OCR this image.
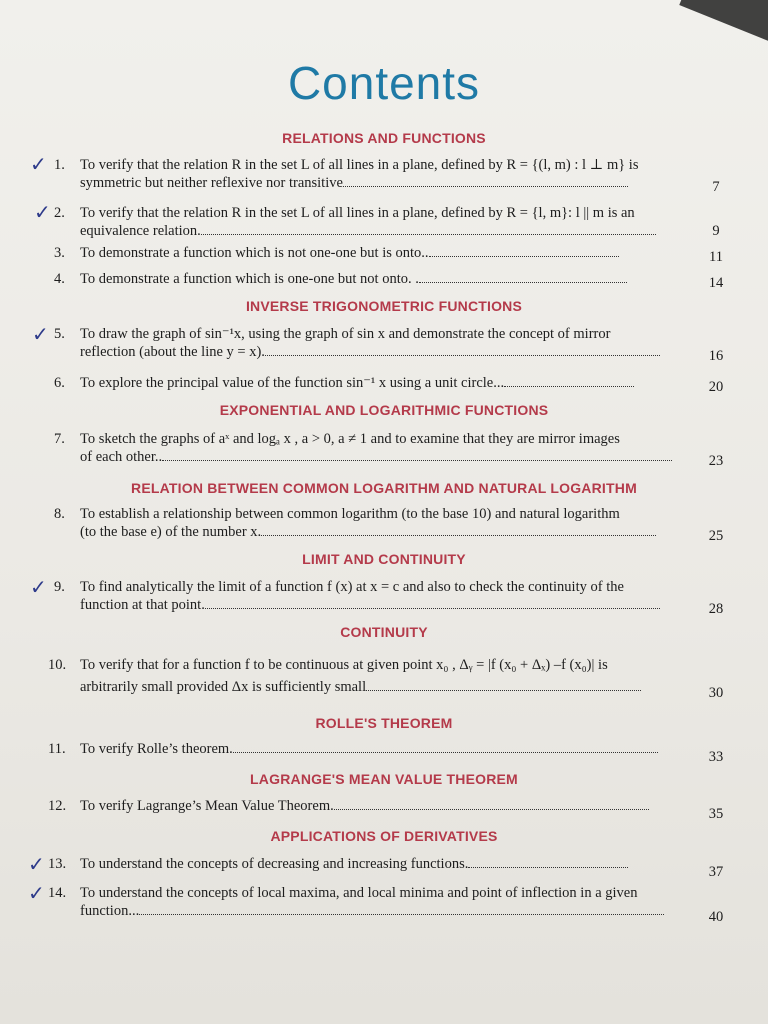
Contents
RELATIONS AND FUNCTIONS
1.	To verify that the relation R in the set L of all lines in a plane, defined by R = {(l, m) : l ⊥ m} is
symmetric but neither reflexive nor transitive	7
2.	To verify that the relation R in the set L of all lines in a plane, defined by R = {l, m}: l || m is an
equivalence relation.	9
3.	To demonstrate a function which is not one-one but is onto..	11
4.	To demonstrate a function which is one-one but not onto. .	14
INVERSE TRIGONOMETRIC FUNCTIONS
5.	To draw the graph of sin⁻¹x, using the graph of sin x and demonstrate the concept of mirror
reflection (about the line y = x).	16
6.	To explore the principal value of the function sin⁻¹ x using a unit circle...	20
EXPONENTIAL AND LOGARITHMIC FUNCTIONS
7.	To sketch the graphs of aˣ and logₐ x , a > 0, a ≠ 1 and to examine that they are mirror images
of each other..	23
RELATION BETWEEN COMMON LOGARITHM AND NATURAL LOGARITHM
8.	To establish a relationship between common logarithm (to the base 10) and natural logarithm
(to the base e) of the number x.	25
LIMIT AND CONTINUITY
9.	To find analytically the limit of a function f (x) at x = c and also to check the continuity of the
function at that point.	28
CONTINUITY
10. To verify that for a function f to be continuous at given point x₀ , Δᵧ = |f (x₀ + Δₓ) –f (x₀)| is
arbitrarily small provided Δx is sufficiently small	30
ROLLE'S THEOREM
11. To verify Rolle’s theorem.	33
LAGRANGE'S MEAN VALUE THEOREM
12. To verify Lagrange’s Mean Value Theorem.	35
APPLICATIONS OF DERIVATIVES
13. To understand the concepts of decreasing and increasing functions.	37
14. To understand the concepts of local maxima, and local minima and point of inflection in a given
function...	40
✓
✓
✓
✓
✓
✓
